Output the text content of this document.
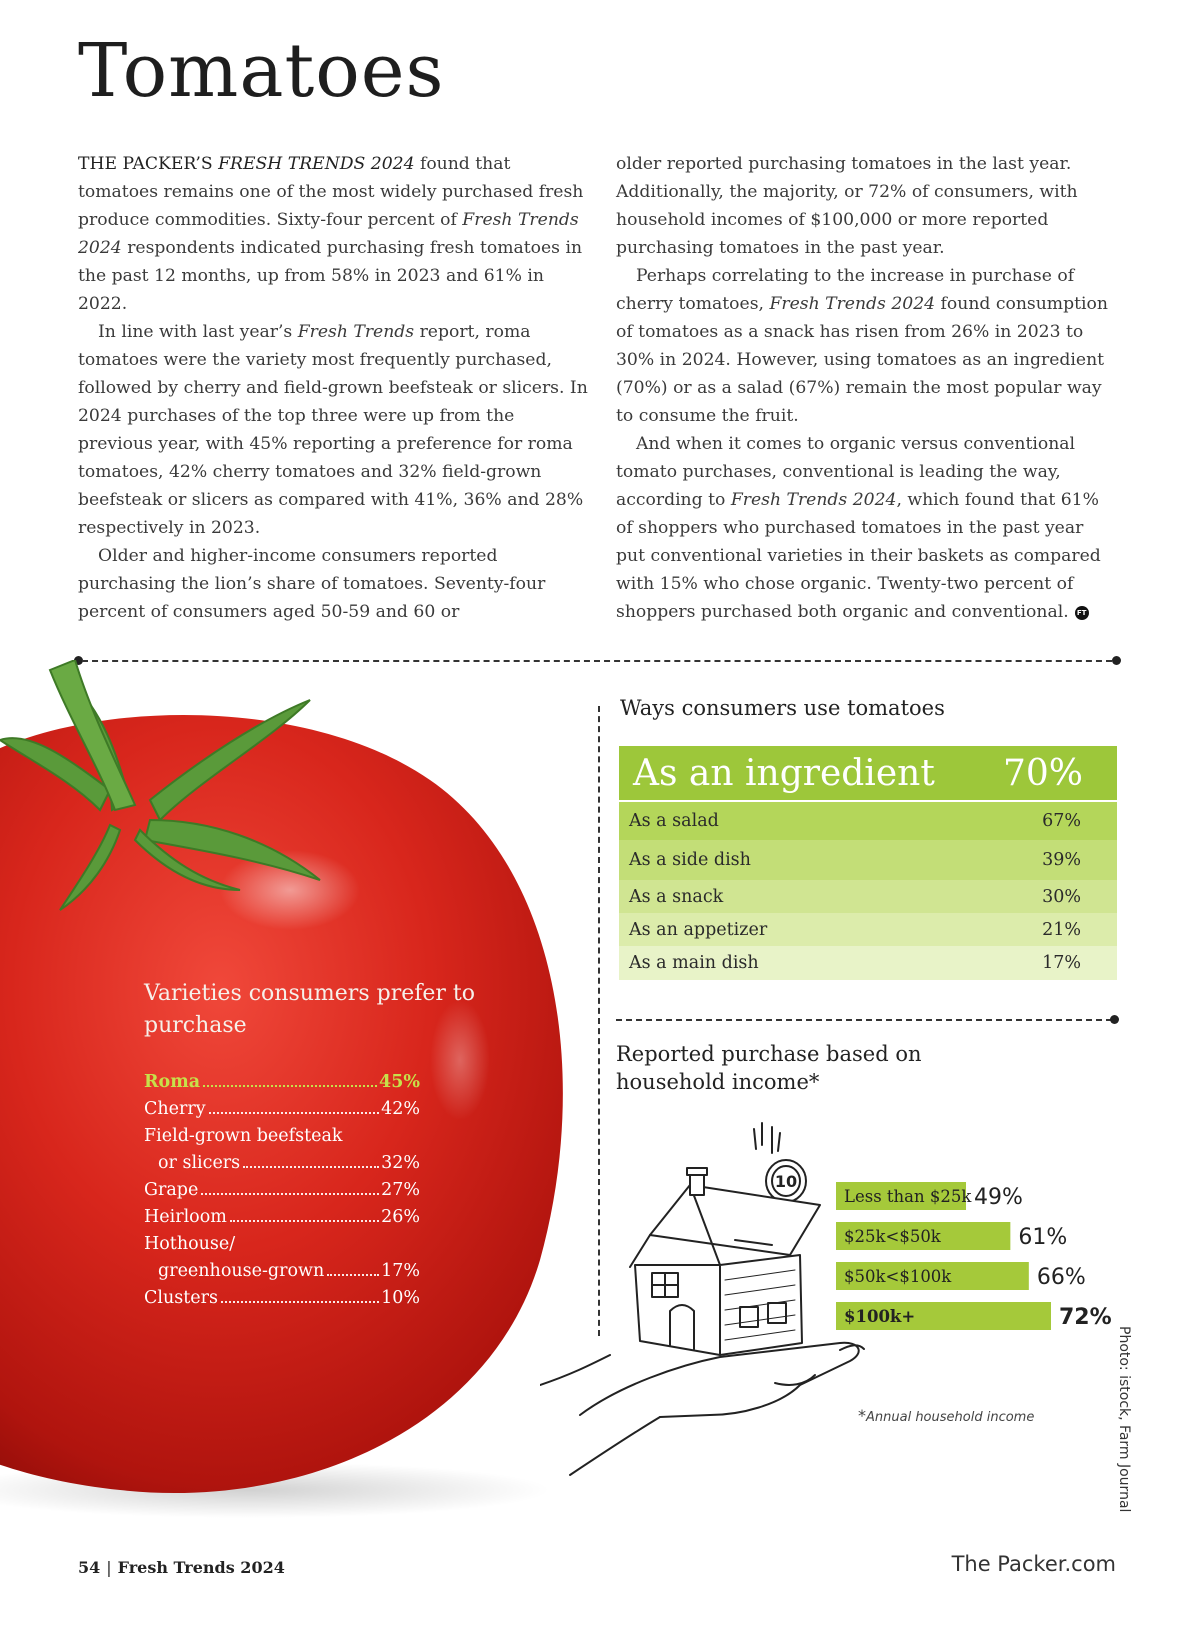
Tomatoes

THE PACKER’S FRESH TRENDS 2024 found that tomatoes remains one of the most widely purchased fresh produce commodities. Sixty-four percent of Fresh Trends 2024 respondents indicated purchasing fresh tomatoes in the past 12 months, up from 58% in 2023 and 61% in 2022.

In line with last year’s Fresh Trends report, roma tomatoes were the variety most frequently purchased, followed by cherry and field-grown beefsteak or slicers. In 2024 purchases of the top three were up from the previous year, with 45% reporting a preference for roma tomatoes, 42% cherry tomatoes and 32% field-grown beefsteak or slicers as compared with 41%, 36% and 28% respectively in 2023.

Older and higher-income consumers reported purchasing the lion’s share of tomatoes. Seventy-four percent of consumers aged 50-59 and 60 or

older reported purchasing tomatoes in the last year. Additionally, the majority, or 72% of consumers, with household incomes of $100,000 or more reported purchasing tomatoes in the past year.

Perhaps correlating to the increase in purchase of cherry tomatoes, Fresh Trends 2024 found consumption of tomatoes as a snack has risen from 26% in 2023 to 30% in 2024. However, using tomatoes as an ingredient (70%) or as a salad (67%) remain the most popular way to consume the fruit.

And when it comes to organic versus conventional tomato purchases, conventional is leading the way, according to Fresh Trends 2024, which found that 61% of shoppers who purchased tomatoes in the past year put conventional varieties in their baskets as compared with 15% who chose organic. Twenty-two percent of shoppers purchased both organic and conventional. FT

Varieties consumers prefer to purchase
Roma	45%
Cherry	42%
Field-grown beefsteak
or slicers	32%
Grape	27%
Heirloom	26%
Hothouse/
greenhouse-grown	17%
Clusters	10%
Ways consumers use tomatoes
As an ingredient 70%
As a salad	67%
As a side dish	39%
As a snack	30%
As an appetizer	21%
As a main dish	17%
Reported purchase based on household income*
10
Less than $25k 49%
$25k<$50k	61%
$50k<$100k	66%
$100k+	72%
*Annual household income	Photo: istock, Farm Journal
54 | Fresh Trends 2024	The Packer.com
